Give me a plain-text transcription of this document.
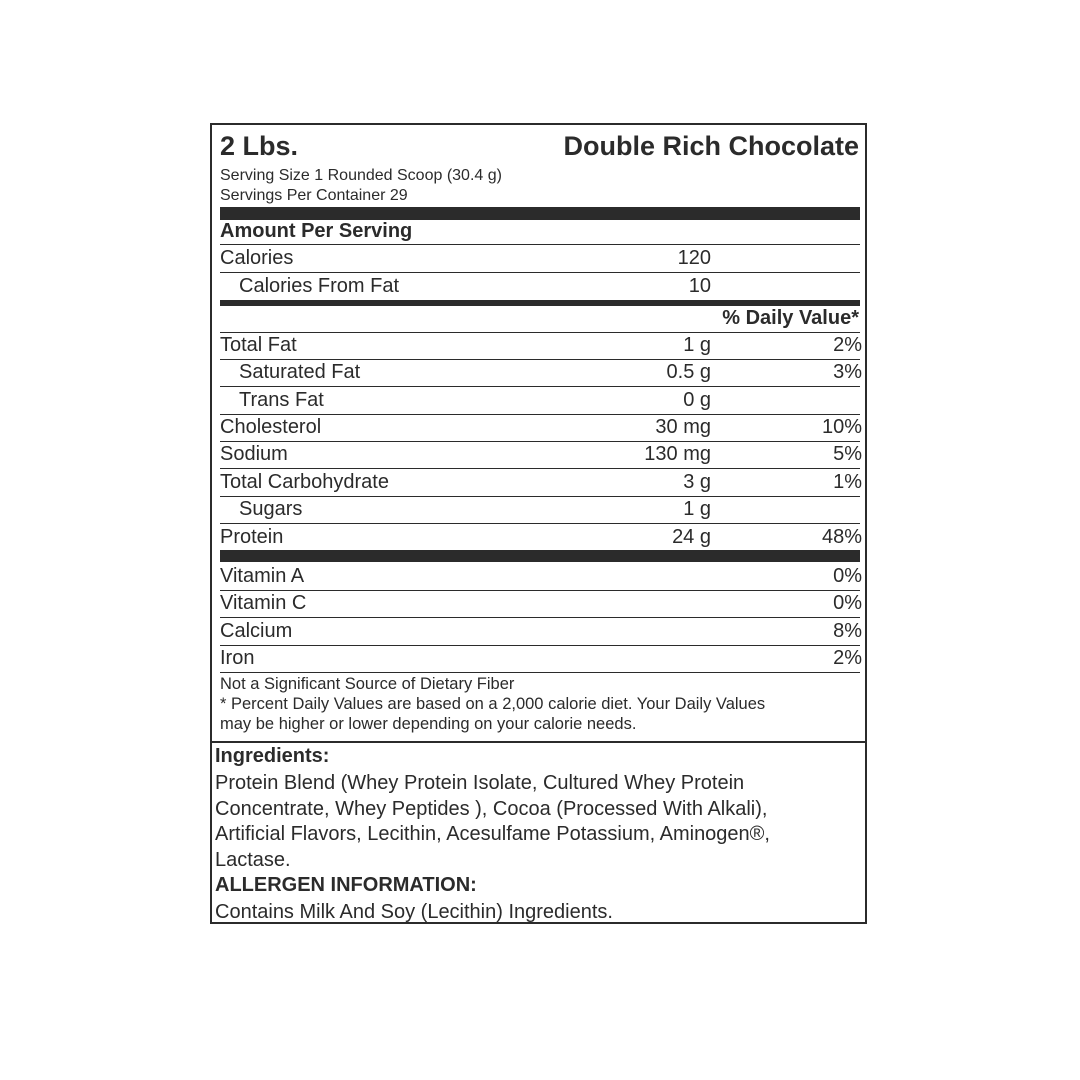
2 Lbs.	Double Rich Chocolate
Serving Size 1 Rounded Scoop (30.4 g)
Servings Per Container 29
Amount Per Serving
Calories	120
Calories From Fat	10
% Daily Value*
Total Fat	1 g	2%
Saturated Fat	0.5 g	3%
Trans Fat	0 g
Cholesterol	30 mg	10%
Sodium	130 mg	5%
Total Carbohydrate	3 g	1%
Sugars	1 g
Protein	24 g	48%
Vitamin A	0%
Vitamin C	0%
Calcium	8%
Iron	2%
Not a Significant Source of Dietary Fiber
* Percent Daily Values are based on a 2,000 calorie diet. Your Daily Values
may be higher or lower depending on your calorie needs.
Ingredients:
Protein Blend (Whey Protein Isolate, Cultured Whey Protein
Concentrate, Whey Peptides ), Cocoa (Processed With Alkali),
Artificial Flavors, Lecithin, Acesulfame Potassium, Aminogen®,
Lactase.
ALLERGEN INFORMATION:
Contains Milk And Soy (Lecithin) Ingredients.
